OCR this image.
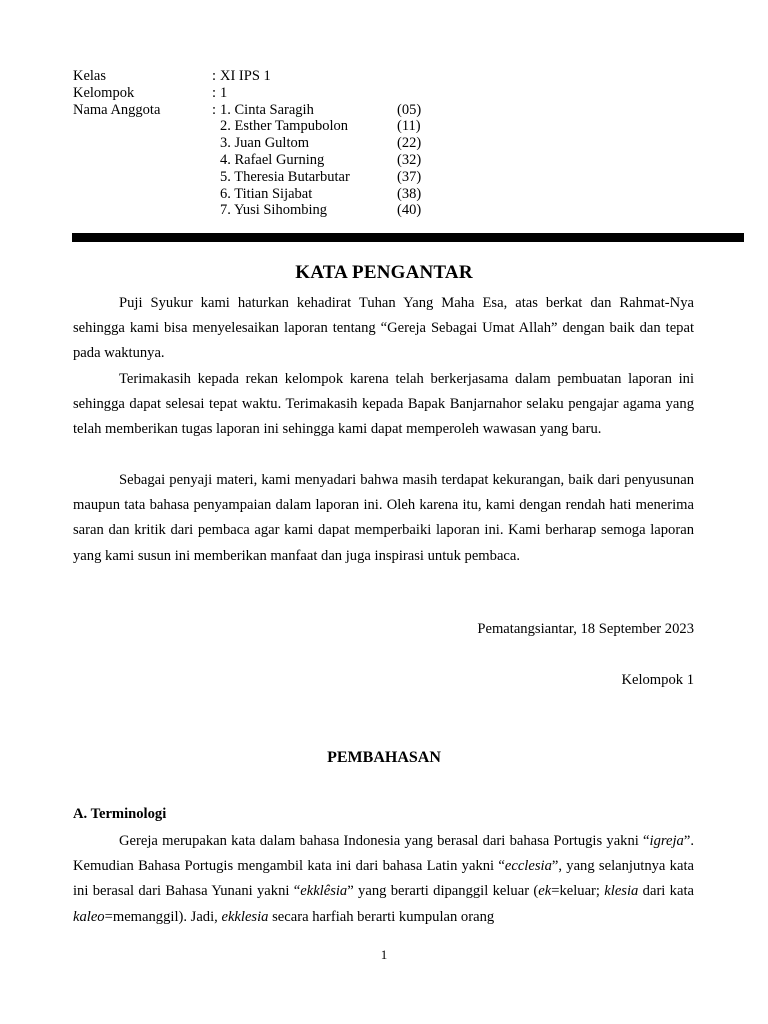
Kelas	: XI IPS 1
Kelompok	: 1
Nama Anggota	: 1. Cinta Saragih	(05)
2. Esther Tampubolon	(11)
3. Juan Gultom	(22)
4. Rafael Gurning	(32)
5. Theresia Butarbutar	(37)
6. Titian Sijabat	(38)
7. Yusi Sihombing	(40)
KATA PENGANTAR

Puji Syukur kami haturkan kehadirat Tuhan Yang Maha Esa, atas berkat dan Rahmat-Nya sehingga kami bisa menyelesaikan laporan tentang “Gereja Sebagai Umat Allah” dengan baik dan tepat pada waktunya.

Terimakasih kepada rekan kelompok karena telah berkerjasama dalam pembuatan laporan ini sehingga dapat selesai tepat waktu. Terimakasih kepada Bapak Banjarnahor selaku pengajar agama yang telah memberikan tugas laporan ini sehingga kami dapat memperoleh wawasan yang baru.

Sebagai penyaji materi, kami menyadari bahwa masih terdapat kekurangan, baik dari penyusunan maupun tata bahasa penyampaian dalam laporan ini. Oleh karena itu, kami dengan rendah hati menerima saran dan kritik dari pembaca agar kami dapat memperbaiki laporan ini. Kami berharap semoga laporan yang kami susun ini memberikan manfaat dan juga inspirasi untuk pembaca.

Pematangsiantar, 18 September 2023
Kelompok 1
PEMBAHASAN
A. Terminologi

Gereja merupakan kata dalam bahasa Indonesia yang berasal dari bahasa Portugis yakni “igreja”. Kemudian Bahasa Portugis mengambil kata ini dari bahasa Latin yakni “ecclesia”, yang selanjutnya kata ini berasal dari Bahasa Yunani yakni “ekklêsia” yang berarti dipanggil keluar (ek=keluar; klesia dari kata kaleo=memanggil). Jadi, ekklesia secara harfiah berarti kumpulan orang

1
